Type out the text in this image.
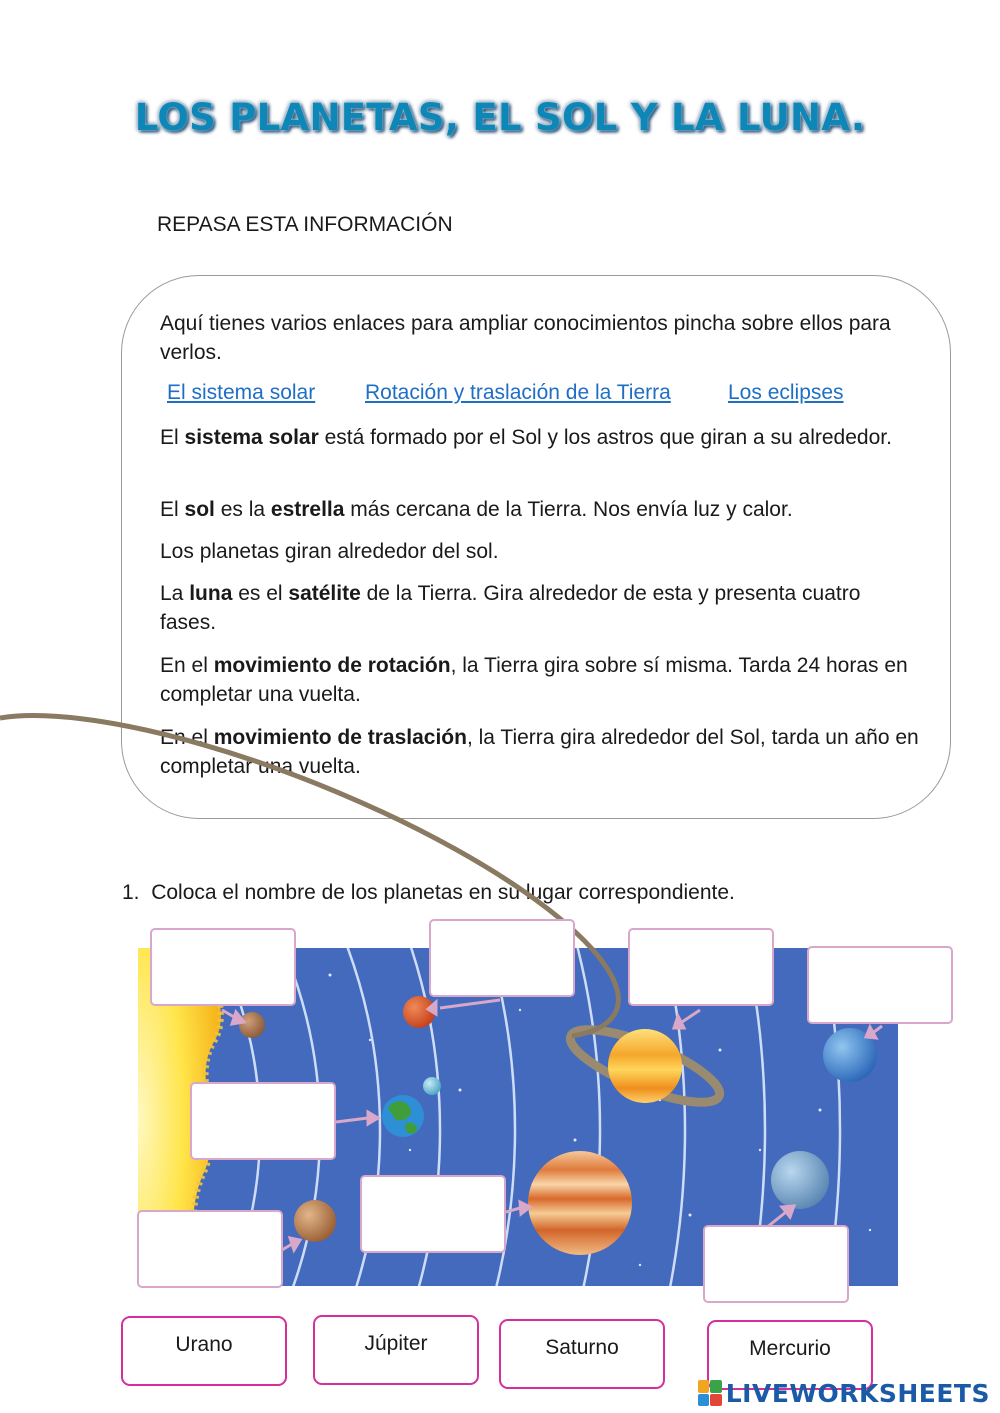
LOS PLANETAS, EL SOL Y LA LUNA.
REPASA ESTA INFORMACIÓN
Aquí tienes varios enlaces para ampliar conocimientos pincha sobre ellos para verlos.
El sistema solar Rotación y traslación de la Tierra	Los eclipses
El sistema solar está formado por el Sol y los astros que giran a su alrededor.
El sol es la estrella más cercana de la Tierra. Nos envía luz y calor.
Los planetas giran alrededor del sol.
La luna es el satélite de la Tierra. Gira alrededor de esta y presenta cuatro fases.
En el movimiento de rotación, la Tierra gira sobre sí misma. Tarda 24 horas en completar una vuelta.
En el movimiento de traslación, la Tierra gira alrededor del Sol, tarda un año en completar una vuelta.
1. Coloca el nombre de los planetas en su lugar correspondiente.
Urano	Júpiter	Saturno	Mercurio
LIVEWORKSHEETS
